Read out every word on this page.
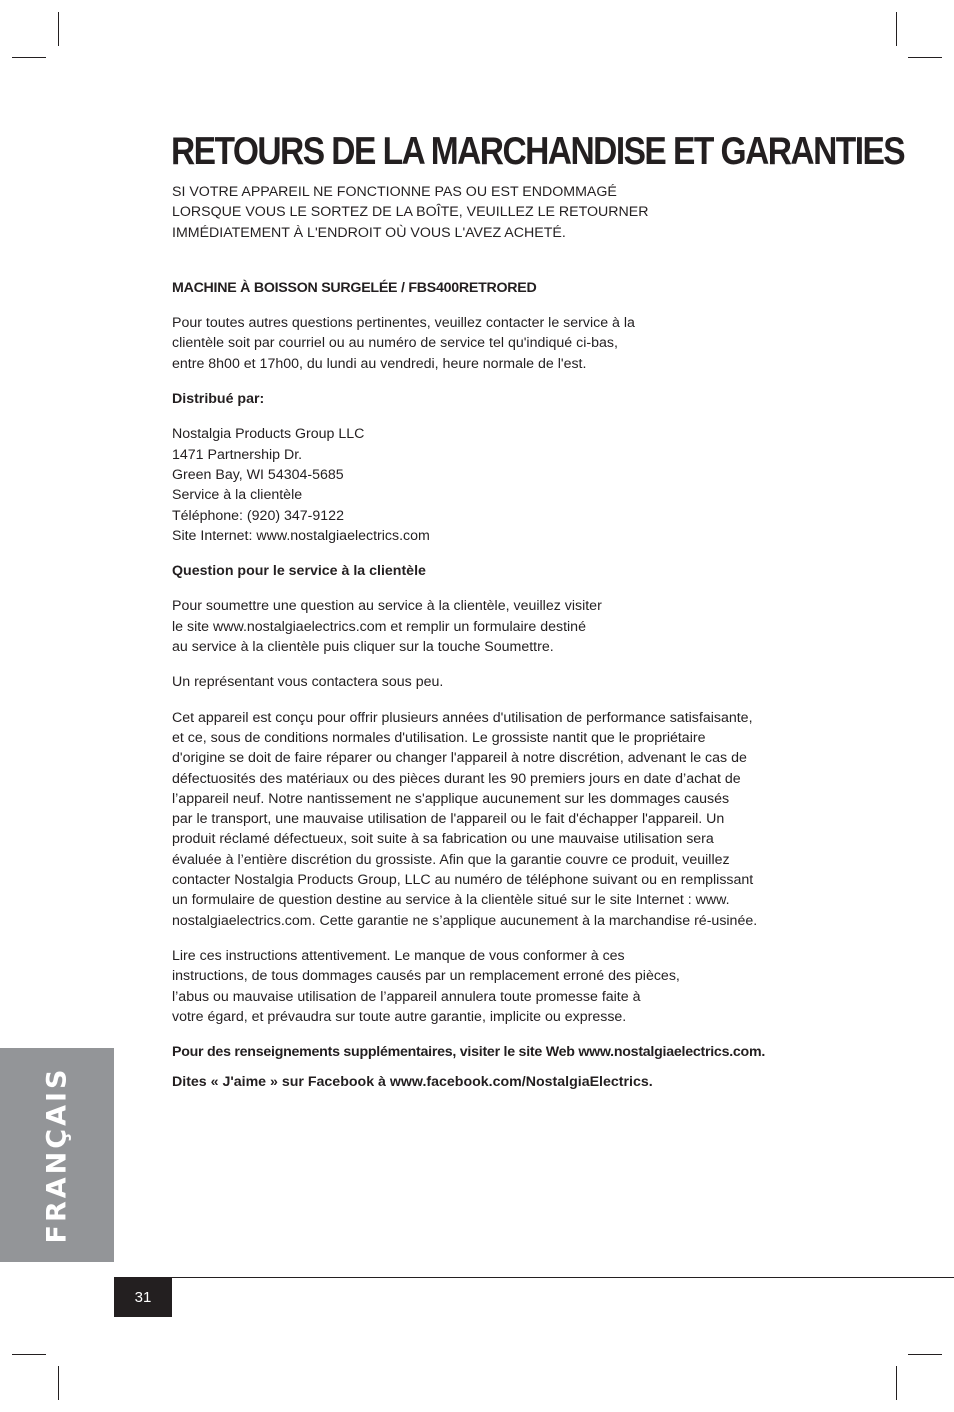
RETOURS DE LA MARCHANDISE ET GARANTIES

SI VOTRE APPAREIL NE FONCTIONNE PAS OU EST ENDOMMAGÉ
LORSQUE VOUS LE SORTEZ DE LA BOÎTE, VEUILLEZ LE RETOURNER
IMMÉDIATEMENT À L'ENDROIT OÙ VOUS L'AVEZ ACHETÉ.

MACHINE À BOISSON SURGELÉE / FBS400RETRORED

Pour toutes autres questions pertinentes, veuillez contacter le service à la
clientèle soit par courriel ou au numéro de service tel qu'indiqué ci-bas,
entre 8h00 et 17h00, du lundi au vendredi, heure normale de l'est.

Distribué par:

Nostalgia Products Group LLC
1471 Partnership Dr.
Green Bay, WI 54304-5685
Service à la clientèle
Téléphone: (920) 347-9122
Site Internet: www.nostalgiaelectrics.com

Question pour le service à la clientèle

Pour soumettre une question au service à la clientèle, veuillez visiter
le site www.nostalgiaelectrics.com et remplir un formulaire destiné
au service à la clientèle puis cliquer sur la touche Soumettre.

Un représentant vous contactera sous peu.

Cet appareil est conçu pour offrir plusieurs années d'utilisation de performance satisfaisante,
et ce, sous de conditions normales d'utilisation. Le grossiste nantit que le propriétaire
d'origine se doit de faire réparer ou changer l'appareil à notre discrétion, advenant le cas de
défectuosités des matériaux ou des pièces durant les 90 premiers jours en date d’achat de
l’appareil neuf. Notre nantissement ne s'applique aucunement sur les dommages causés
par le transport, une mauvaise utilisation de l'appareil ou le fait d'échapper l'appareil. Un
produit réclamé défectueux, soit suite à sa fabrication ou une mauvaise utilisation sera
évaluée à l’entière discrétion du grossiste. Afin que la garantie couvre ce produit, veuillez
contacter Nostalgia Products Group, LLC au numéro de téléphone suivant ou en remplissant
un formulaire de question destine au service à la clientèle situé sur le site Internet : www.
nostalgiaelectrics.com. Cette garantie ne s’applique aucunement à la marchandise ré-usinée.

Lire ces instructions attentivement. Le manque de vous conformer à ces
instructions, de tous dommages causés par un remplacement erroné des pièces,
l’abus ou mauvaise utilisation de l’appareil annulera toute promesse faite à
votre égard, et prévaudra sur toute autre garantie, implicite ou expresse.

Pour des renseignements supplémentaires, visiter le site Web www.nostalgiaelectrics.com.

Dites « J'aime » sur Facebook à www.facebook.com/NostalgiaElectrics.

FRANÇAIS
31
